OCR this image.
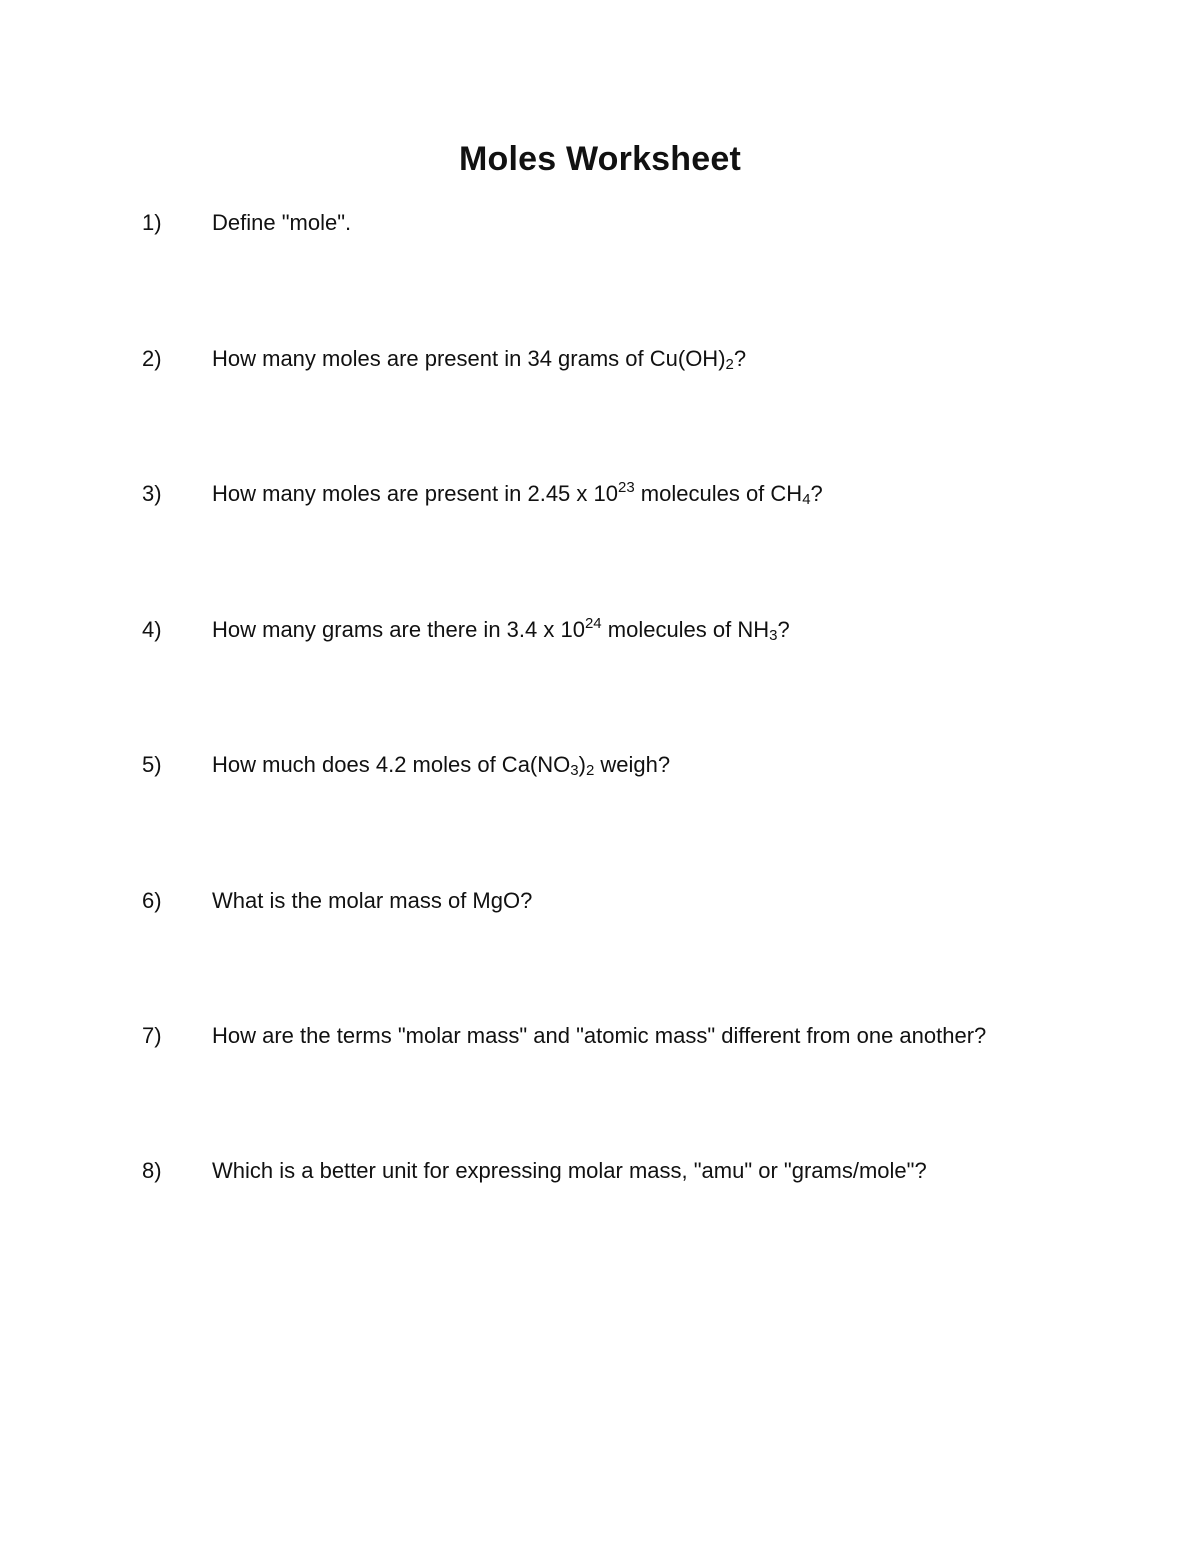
Moles Worksheet
1) Define "mole".
2) How many moles are present in 34 grams of $Cu(OH)_2$?
3) How many moles are present in 2.45 x $10^{23}$ molecules of $CH_4$?
4) How many grams are there in 3.4 x $10^{24}$ molecules of $NH_3$?
5) How much does 4.2 moles of $Ca(NO_3)_2$ weigh?
6) What is the molar mass of MgO?
7) How are the terms "molar mass" and "atomic mass" different from one another?
8) Which is a better unit for expressing molar mass, "amu" or "grams/mole"?
